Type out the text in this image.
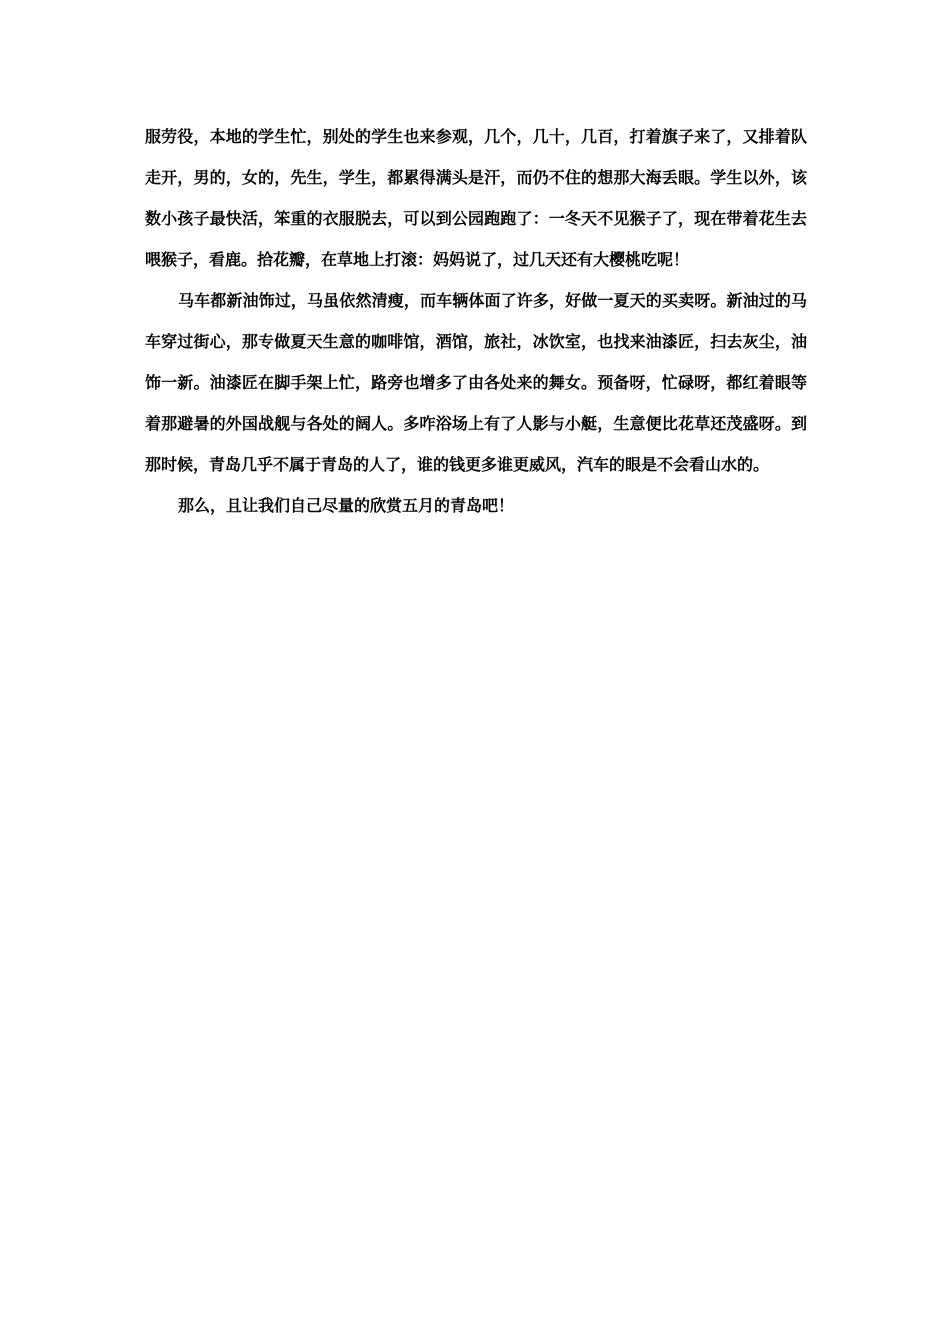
服劳役，本地的学生忙，别处的学生也来参观，几个，几十，几百，打着旗子来了，又排着队走开，男的，女的，先生，学生，都累得满头是汗，而仍不住的想那大海丢眼。学生以外，该数小孩子最快活，笨重的衣服脱去，可以到公园跑跑了：一冬天不见猴子了，现在带着花生去喂猴子，看鹿。拾花瓣，在草地上打滚：妈妈说了，过几天还有大樱桃吃呢！

马车都新油饰过，马虽依然清瘦，而车辆体面了许多，好做一夏天的买卖呀。新油过的马车穿过街心，那专做夏天生意的咖啡馆，酒馆，旅社，冰饮室，也找来油漆匠，扫去灰尘，油饰一新。油漆匠在脚手架上忙，路旁也增多了由各处来的舞女。预备呀，忙碌呀，都红着眼等着那避暑的外国战舰与各处的阔人。多咋浴场上有了人影与小艇，生意便比花草还茂盛呀。到那时候，青岛几乎不属于青岛的人了，谁的钱更多谁更威风，汽车的眼是不会看山水的。

那么，且让我们自己尽量的欣赏五月的青岛吧！
